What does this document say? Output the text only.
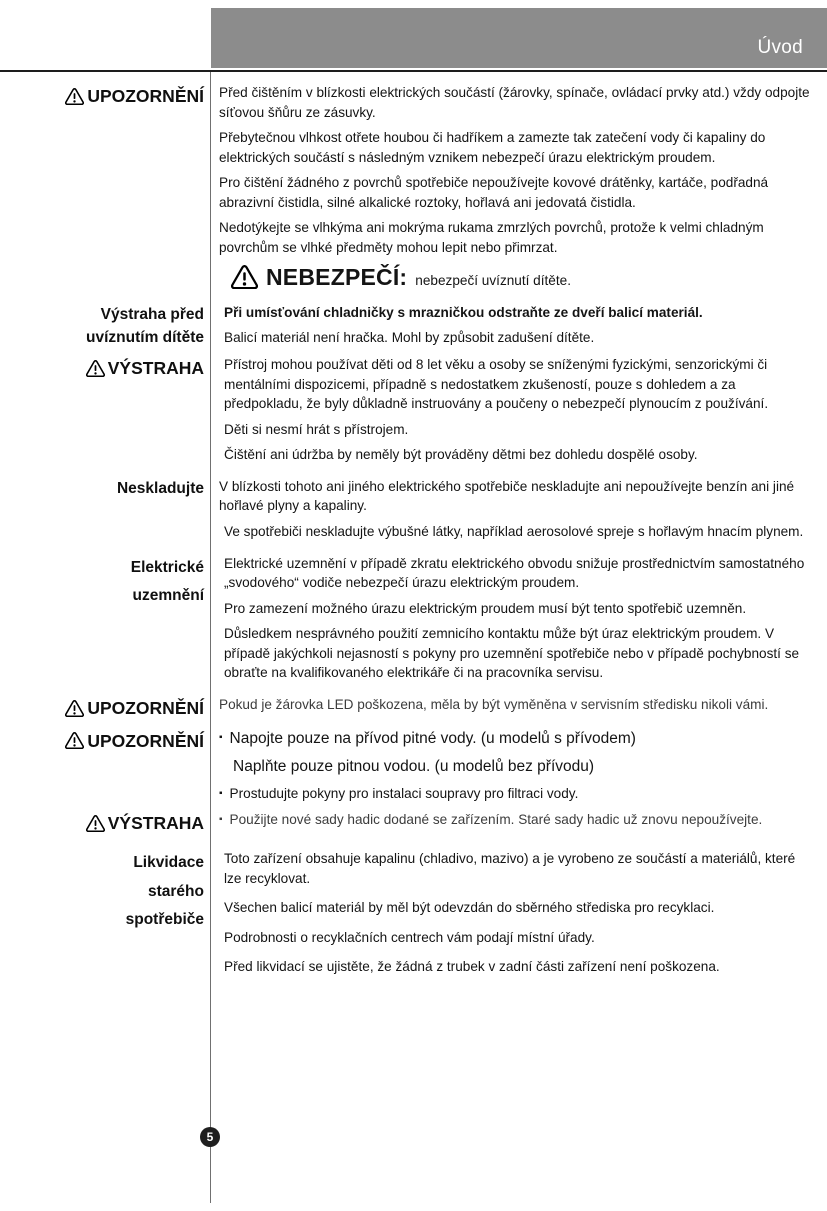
Úvod
UPOZORNĚNÍ Před čištěním v blízkosti elektrických součástí (žárovky, spínače, ovládací prvky atd.) vždy odpojte síťovou šňůru ze zásuvky.

Přebytečnou vlhkost otřete houbou či hadříkem a zamezte tak zatečení vody či kapaliny do elektrických součástí s následným vznikem nebezpečí úrazu elektrickým proudem.

Pro čištění žádného z povrchů spotřebiče nepoužívejte kovové drátěnky, kartáče, podřadná abrazivní čistidla, silné alkalické roztoky, hořlavá ani jedovatá čistidla.

Nedotýkejte se vlhkýma ani mokrýma rukama zmrzlých povrchů, protože k velmi chladným povrchům se vlhké předměty mohou lepit nebo přimrzat.

NEBEZPEČÍ: nebezpečí uvíznutí dítěte.
Výstraha před
uvíznutím dítěte

Při umísťování chladničky s mrazničkou odstraňte ze dveří balicí materiál.

Balicí materiál není hračka. Mohl by způsobit zadušení dítěte.

VÝSTRAHA	Přístroj mohou používat děti od 8 let věku a osoby se sníženými fyzickými, senzorickými či mentálními dispozicemi, případně s nedostatkem zkušeností, pouze s dohledem a za předpokladu, že byly důkladně instruovány a poučeny o nebezpečí plynoucím z používání.

Děti si nesmí hrát s přístrojem.

Čištění ani údržba by neměly být prováděny dětmi bez dohledu dospělé osoby.

Neskladujte	V blízkosti tohoto ani jiného elektrického spotřebiče neskladujte ani nepoužívejte benzín ani jiné hořlavé plyny a kapaliny.

Ve spotřebiči neskladujte výbušné látky, například aerosolové spreje s hořlavým hnacím plynem.

Elektrické
uzemnění

Elektrické uzemnění v případě zkratu elektrického obvodu snižuje prostřednictvím samostatného „svodového“ vodiče nebezpečí úrazu elektrickým proudem.

Pro zamezení možného úrazu elektrickým proudem musí být tento spotřebič uzemněn.

Důsledkem nesprávného použití zemnicího kontaktu může být úraz elektrickým proudem. V případě jakýchkoli nejasností s pokyny pro uzemnění spotřebiče nebo v případě pochybností se obraťte na kvalifikovaného elektrikáře či na pracovníka servisu.

UPOZORNĚNÍ Pokud je žárovka LED poškozena, měla by být vyměněna v servisním středisku nikoli vámi.

UPOZORNĚNÍ ▪ Napojte pouze na přívod pitné vody. (u modelů s přívodem)

Naplňte pouze pitnou vodou. (u modelů bez přívodu)

▪ Prostudujte pokyny pro instalaci soupravy pro filtraci vody.
VÝSTRAHA ▪ Použijte nové sady hadic dodané se zařízením. Staré sady hadic už znovu nepoužívejte.
Likvidace
starého
spotřebiče

Toto zařízení obsahuje kapalinu (chladivo, mazivo) a je vyrobeno ze součástí a materiálů, které lze recyklovat.

Všechen balicí materiál by měl být odevzdán do sběrného střediska pro recyklaci.

Podrobnosti o recyklačních centrech vám podají místní úřady.

Před likvidací se ujistěte, že žádná z trubek v zadní části zařízení není poškozena.

5
